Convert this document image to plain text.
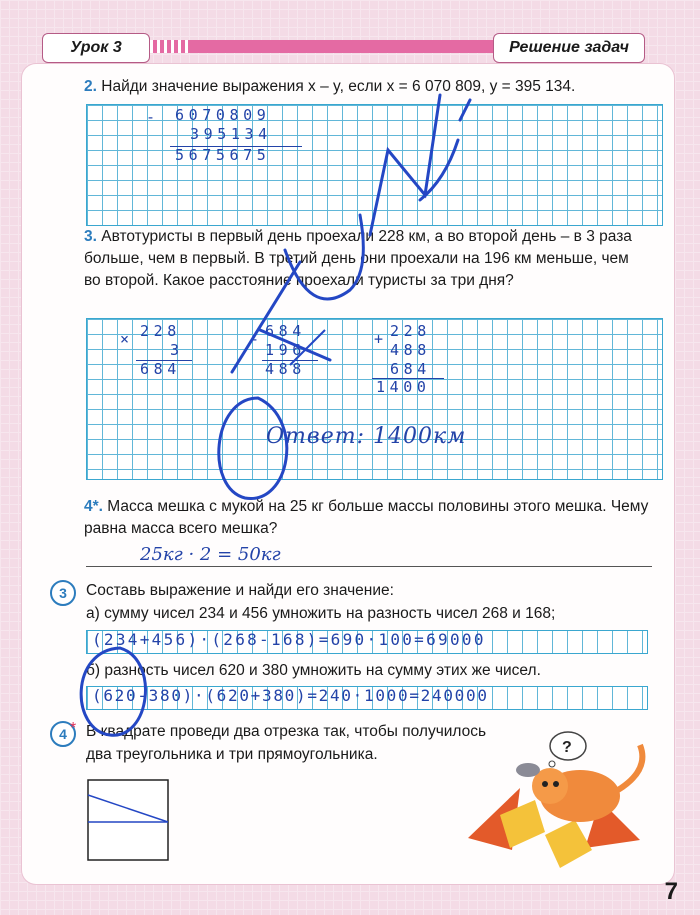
Урок 3	Решение задач
2. Найди значение выражения x – y, если x = 6 070 809, y = 395 134.
- 6070809
395134
5675675
3. Автотуристы в первый день проехали 228 км, а во второй день – в 3 раза больше, чем в первый. В третий день они проехали на 196 км меньше, чем во второй. Какое расстояние проехали туристы за три дня?
× 228
3
684
- 684
196
488
+ 228
488
684
1400
Ответ: 1400км
4*. Масса мешка с мукой на 25 кг больше массы половины этого мешка. Чему равна масса всего мешка?
25кг · 2 = 50кг
3	Составь выражение и найди его значение:
а) сумму чисел 234 и 456 умножить на разность чисел 268 и 168;
(234+456)·(268-168)=690·100=69000
б) разность чисел 620 и 380 умножить на сумму этих же чисел.
(620-380)·(620+380)=240·1000=240000
4	В квадрате проведи два отрезка так, чтобы получилось
два треугольника и три прямоугольника.	?
*
7
